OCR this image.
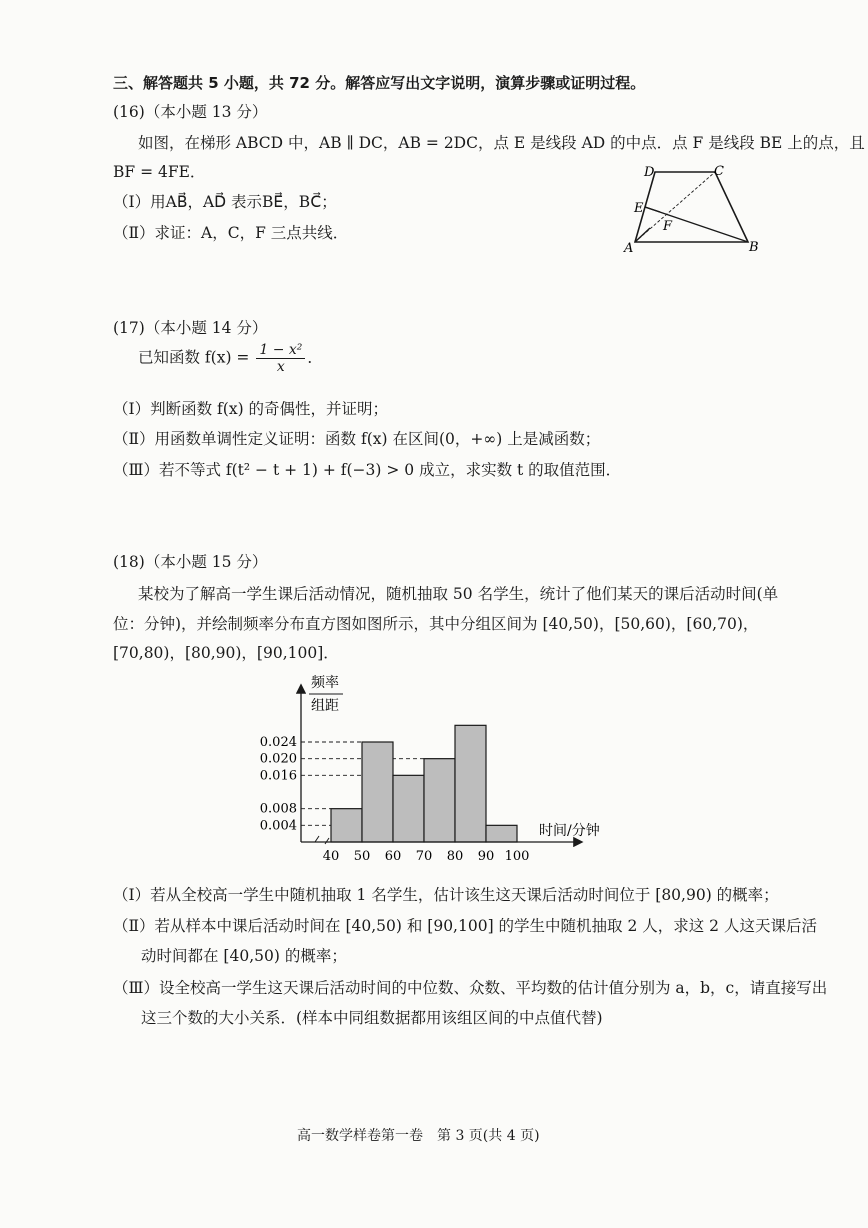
三、解答题共 5 小题，共 72 分。解答应写出文字说明，演算步骤或证明过程。
(16)（本小题 13 分）
如图，在梯形 ABCD 中，AB ∥ DC，AB = 2DC，点 E 是线段 AD 的中点．点 F 是线段 BE 上的点，且
BF = 4FE．
（Ⅰ）用AB⃗，AD⃗ 表示BE⃗，BC⃗；
（Ⅱ）求证：A，C，F 三点共线．
D	C
E
F
A	B
(17)（本小题 14 分）
已知函数 $f(x) = \frac{\text{1 − x²}}{x}$ ．
（Ⅰ）判断函数 f(x) 的奇偶性，并证明；
（Ⅱ）用函数单调性定义证明：函数 f(x) 在区间(0，+∞) 上是减函数；
（Ⅲ）若不等式 f(t² − t + 1) + f(−3) > 0 成立，求实数 t 的取值范围．
(18)（本小题 15 分）
某校为了解高一学生课后活动情况，随机抽取 50 名学生，统计了他们某天的课后活动时间(单
位：分钟)，并绘制频率分布直方图如图所示，其中分组区间为 [40,50)，[50,60)，[60,70)，
[70,80)，[80,90)，[90,100]．
频率
组距
时间/分钟
0.024
0.020
0.016
0.008
0.004
40 50 60 70 80 90 100
（Ⅰ）若从全校高一学生中随机抽取 1 名学生，估计该生这天课后活动时间位于 [80,90) 的概率；
（Ⅱ）若从样本中课后活动时间在 [40,50) 和 [90,100] 的学生中随机抽取 2 人，求这 2 人这天课后活
动时间都在 [40,50) 的概率；
（Ⅲ）设全校高一学生这天课后活动时间的中位数、众数、平均数的估计值分别为 a，b，c，请直接写出
这三个数的大小关系．(样本中同组数据都用该组区间的中点值代替)
高一数学样卷第一卷　第 3 页(共 4 页)
